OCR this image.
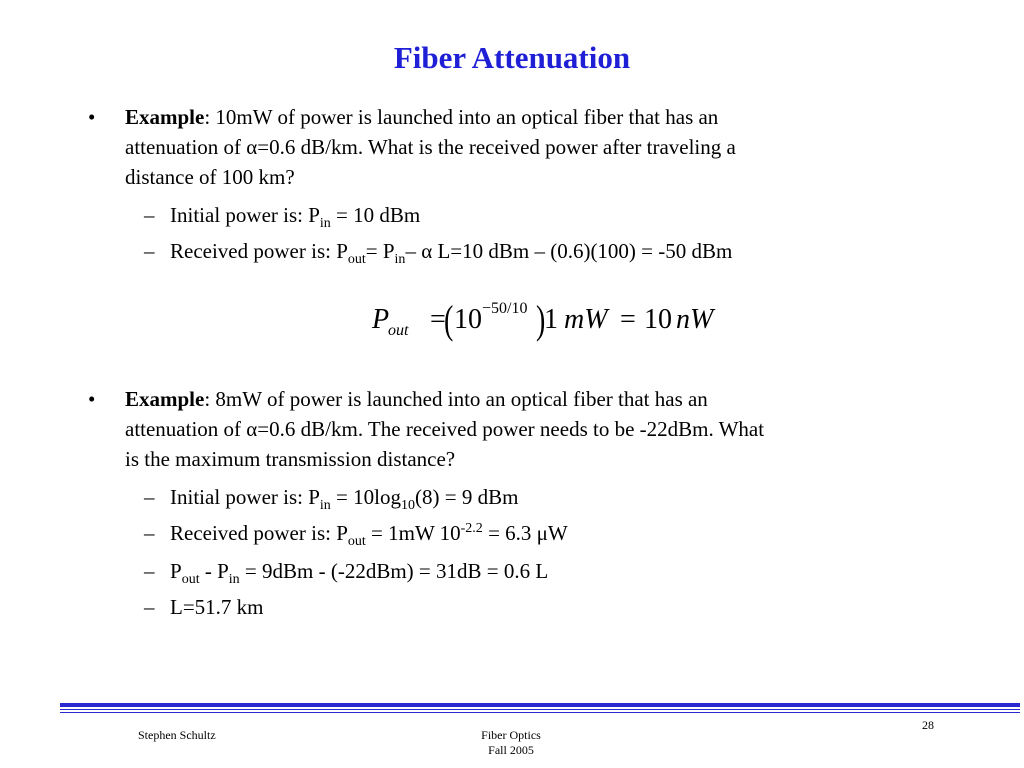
Fiber Attenuation
• Example: 10mW of power is launched into an optical fiber that has an
attenuation of α=0.6 dB/km. What is the received power after traveling a
distance of 100 km?
– Initial power is: $P_{in} = 10$ dBm
– Received power is: $P_{out}= P_{in}-$ α L=10 dBm – (0.6)(100) = -50 dBm
P
out =
( 10 −50/10 )
1 mW = 10 nW
• Example: 8mW of power is launched into an optical fiber that has an
attenuation of α=0.6 dB/km. The received power needs to be -22dBm. What
is the maximum transmission distance?
– Initial power is: $P_{in} = 10\log_{10}(8) = 9$ dBm
– Received power is: $P_{out} = 1mW$ $10^{-2.2} = 6.3$ μW
– $P_{out} - P_{in} = 9dBm - (-22dBm) = 31dB = 0.6$ L
– L=51.7 km
Stephen Schultz	Fiber Optics
Fall 2005
28
